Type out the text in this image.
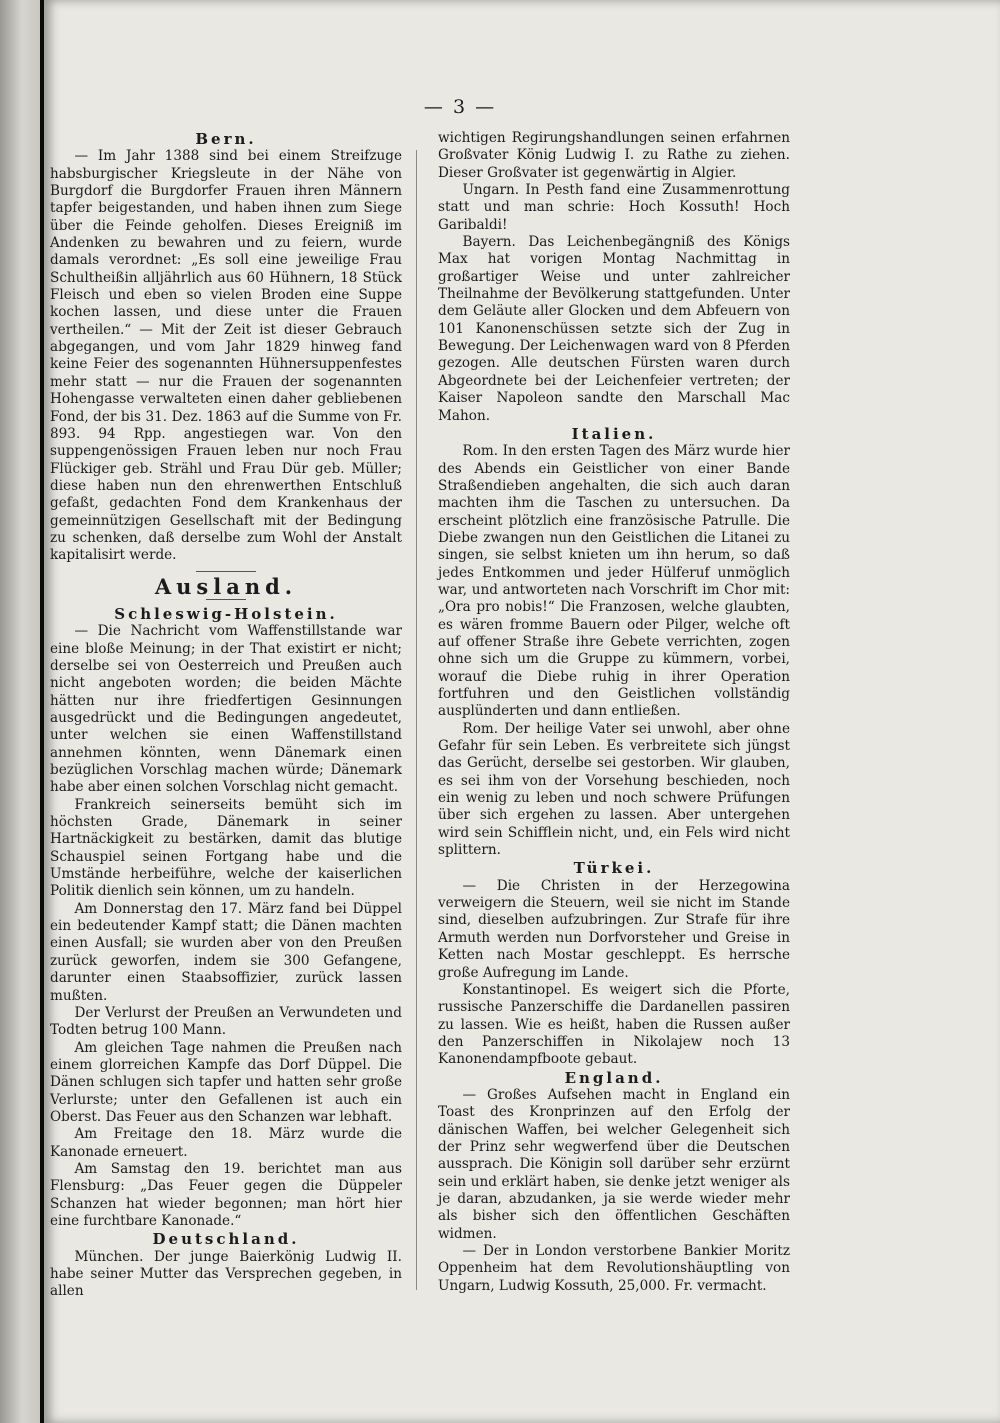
— 3 —
Bern.

— Im Jahr 1388 sind bei einem Streifzuge habsburgischer Kriegsleute in der Nähe von Burgdorf die Burgdorfer Frauen ihren Männern tapfer beigestanden, und haben ihnen zum Siege über die Feinde geholfen. Dieses Ereigniß im Andenken zu bewahren und zu feiern, wurde damals verordnet: „Es soll eine jeweilige Frau Schultheißin alljährlich aus 60 Hühnern, 18 Stück Fleisch und eben so vielen Broden eine Suppe kochen lassen, und diese unter die Frauen vertheilen.“ — Mit der Zeit ist dieser Gebrauch abgegangen, und vom Jahr 1829 hinweg fand keine Feier des sogenannten Hühnersuppenfestes mehr statt — nur die Frauen der sogenannten Hohengasse verwalteten einen daher gebliebenen Fond, der bis 31. Dez. 1863 auf die Summe von Fr. 893. 94 Rpp. angestiegen war. Von den suppengenössigen Frauen leben nur noch Frau Flückiger geb. Strähl und Frau Dür geb. Müller; diese haben nun den ehrenwerthen Entschluß gefaßt, gedachten Fond dem Krankenhaus der gemeinnützigen Gesellschaft mit der Bedingung zu schenken, daß derselbe zum Wohl der Anstalt kapitalisirt werde.

Ausland.
Schleswig-Holstein.

— Die Nachricht vom Waffenstillstande war eine bloße Meinung; in der That existirt er nicht; derselbe sei von Oesterreich und Preußen auch nicht angeboten worden; die beiden Mächte hätten nur ihre friedfertigen Gesinnungen ausgedrückt und die Bedingungen angedeutet, unter welchen sie einen Waffenstillstand annehmen könnten, wenn Dänemark einen bezüglichen Vorschlag machen würde; Dänemark habe aber einen solchen Vorschlag nicht gemacht.

Frankreich seinerseits bemüht sich im höchsten Grade, Dänemark in seiner Hartnäckigkeit zu bestärken, damit das blutige Schauspiel seinen Fortgang habe und die Umstände herbeiführe, welche der kaiserlichen Politik dienlich sein können, um zu handeln.

Am Donnerstag den 17. März fand bei Düppel ein bedeutender Kampf statt; die Dänen machten einen Ausfall; sie wurden aber von den Preußen zurück geworfen, indem sie 300 Gefangene, darunter einen Staabsoffizier, zurück lassen mußten.

Der Verlurst der Preußen an Verwundeten und Todten betrug 100 Mann.

Am gleichen Tage nahmen die Preußen nach einem glorreichen Kampfe das Dorf Düppel. Die Dänen schlugen sich tapfer und hatten sehr große Verlurste; unter den Gefallenen ist auch ein Oberst. Das Feuer aus den Schanzen war lebhaft.

Am Freitage den 18. März wurde die Kanonade erneuert.

Am Samstag den 19. berichtet man aus Flensburg: „Das Feuer gegen die Düppeler Schanzen hat wieder begonnen; man hört hier eine furchtbare Kanonade.“

Deutschland.

München. Der junge Baierkönig Ludwig II. habe seiner Mutter das Versprechen gegeben, in allen

wichtigen Regirungshandlungen seinen erfahrnen Großvater König Ludwig I. zu Rathe zu ziehen. Dieser Großvater ist gegenwärtig in Algier.

Ungarn. In Pesth fand eine Zusammenrottung statt und man schrie: Hoch Kossuth! Hoch Garibaldi!

Bayern. Das Leichenbegängniß des Königs Max hat vorigen Montag Nachmittag in großartiger Weise und unter zahlreicher Theilnahme der Bevölkerung stattgefunden. Unter dem Geläute aller Glocken und dem Abfeuern von 101 Kanonenschüssen setzte sich der Zug in Bewegung. Der Leichenwagen ward von 8 Pferden gezogen. Alle deutschen Fürsten waren durch Abgeordnete bei der Leichenfeier vertreten; der Kaiser Napoleon sandte den Marschall Mac Mahon.

Italien.

Rom. In den ersten Tagen des März wurde hier des Abends ein Geistlicher von einer Bande Straßendieben angehalten, die sich auch daran machten ihm die Taschen zu untersuchen. Da erscheint plötzlich eine französische Patrulle. Die Diebe zwangen nun den Geistlichen die Litanei zu singen, sie selbst knieten um ihn herum, so daß jedes Entkommen und jeder Hülferuf unmöglich war, und antworteten nach Vorschrift im Chor mit: „Ora pro nobis!“ Die Franzosen, welche glaubten, es wären fromme Bauern oder Pilger, welche oft auf offener Straße ihre Gebete verrichten, zogen ohne sich um die Gruppe zu kümmern, vorbei, worauf die Diebe ruhig in ihrer Operation fortfuhren und den Geistlichen vollständig ausplünderten und dann entließen.

Rom. Der heilige Vater sei unwohl, aber ohne Gefahr für sein Leben. Es verbreitete sich jüngst das Gerücht, derselbe sei gestorben. Wir glauben, es sei ihm von der Vorsehung beschieden, noch ein wenig zu leben und noch schwere Prüfungen über sich ergehen zu lassen. Aber untergehen wird sein Schifflein nicht, und, ein Fels wird nicht splittern.

Türkei.

— Die Christen in der Herzegowina verweigern die Steuern, weil sie nicht im Stande sind, dieselben aufzubringen. Zur Strafe für ihre Armuth werden nun Dorfvorsteher und Greise in Ketten nach Mostar geschleppt. Es herrsche große Aufregung im Lande.

Konstantinopel. Es weigert sich die Pforte, russische Panzerschiffe die Dardanellen passiren zu lassen. Wie es heißt, haben die Russen außer den Panzerschiffen in Nikolajew noch 13 Kanonendampfboote gebaut.

England.

— Großes Aufsehen macht in England ein Toast des Kronprinzen auf den Erfolg der dänischen Waffen, bei welcher Gelegenheit sich der Prinz sehr wegwerfend über die Deutschen aussprach. Die Königin soll darüber sehr erzürnt sein und erklärt haben, sie denke jetzt weniger als je daran, abzudanken, ja sie werde wieder mehr als bisher sich den öffentlichen Geschäften widmen.

— Der in London verstorbene Bankier Moritz Oppenheim hat dem Revolutionshäuptling von Ungarn, Ludwig Kossuth, 25,000. Fr. vermacht.
